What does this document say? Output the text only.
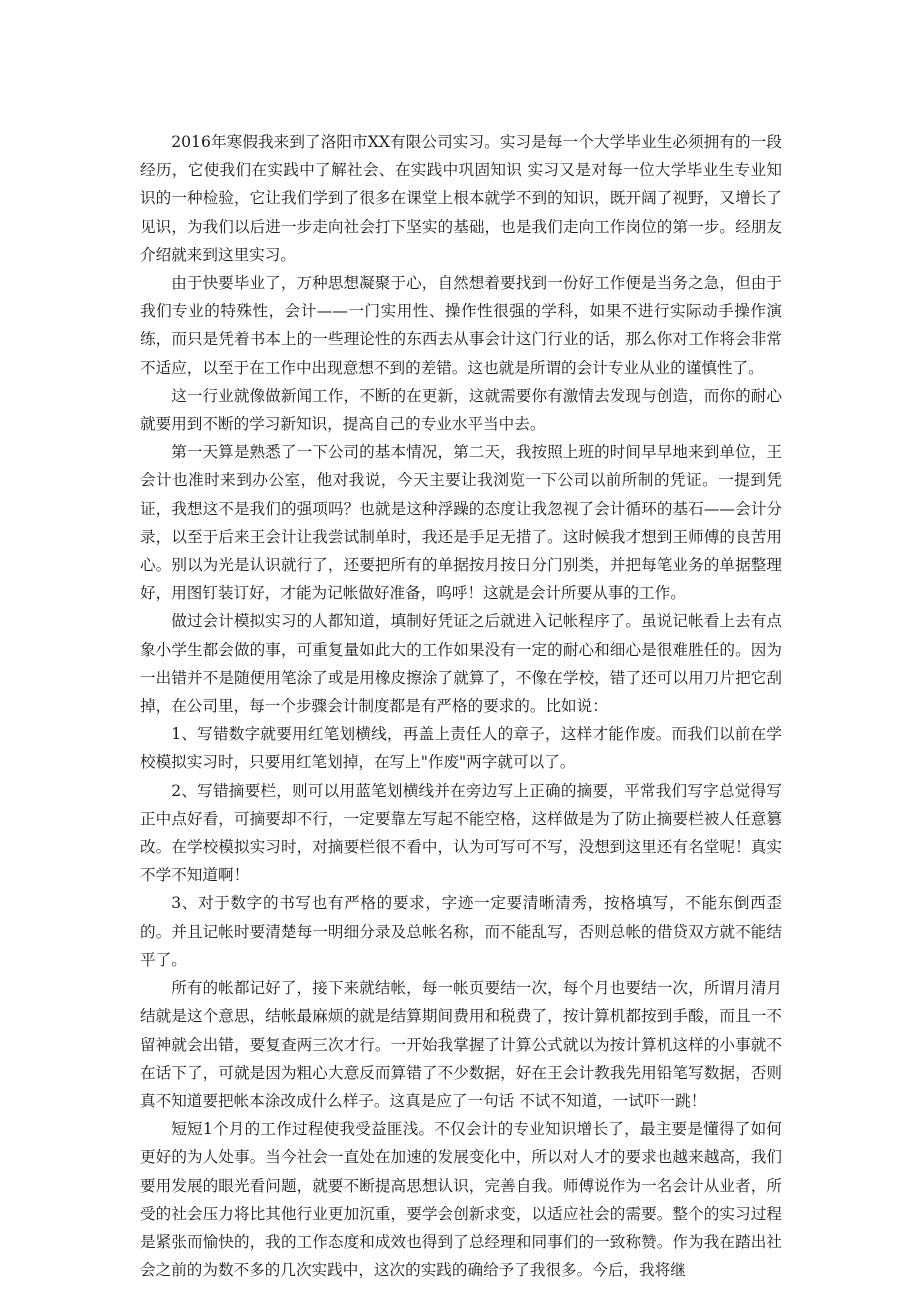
2016年寒假我来到了洛阳市XX有限公司实习。实习是每一个大学毕业生必须拥有的一段经历，它使我们在实践中了解社会、在实践中巩固知识 实习又是对每一位大学毕业生专业知识的一种检验，它让我们学到了很多在课堂上根本就学不到的知识，既开阔了视野，又增长了见识，为我们以后进一步走向社会打下坚实的基础，也是我们走向工作岗位的第一步。经朋友介绍就来到这里实习。

由于快要毕业了，万种思想凝聚于心，自然想着要找到一份好工作便是当务之急，但由于我们专业的特殊性，会计——一门实用性、操作性很强的学科，如果不进行实际动手操作演练，而只是凭着书本上的一些理论性的东西去从事会计这门行业的话，那么你对工作将会非常不适应，以至于在工作中出现意想不到的差错。这也就是所谓的会计专业从业的谨慎性了。

这一行业就像做新闻工作，不断的在更新，这就需要你有激情去发现与创造，而你的耐心就要用到不断的学习新知识，提高自己的专业水平当中去。

第一天算是熟悉了一下公司的基本情况，第二天，我按照上班的时间早早地来到单位，王会计也准时来到办公室，他对我说，今天主要让我浏览一下公司以前所制的凭证。一提到凭证，我想这不是我们的强项吗？也就是这种浮躁的态度让我忽视了会计循环的基石——会计分录，以至于后来王会计让我尝试制单时，我还是手足无措了。这时候我才想到王师傅的良苦用心。别以为光是认识就行了，还要把所有的单据按月按日分门别类，并把每笔业务的单据整理好，用图钉装订好，才能为记帐做好准备，呜呼！这就是会计所要从事的工作。

做过会计模拟实习的人都知道，填制好凭证之后就进入记帐程序了。虽说记帐看上去有点象小学生都会做的事，可重复量如此大的工作如果没有一定的耐心和细心是很难胜任的。因为一出错并不是随便用笔涂了或是用橡皮擦涂了就算了，不像在学校，错了还可以用刀片把它刮掉，在公司里，每一个步骤会计制度都是有严格的要求的。比如说：

1、写错数字就要用红笔划横线，再盖上责任人的章子，这样才能作废。而我们以前在学校模拟实习时，只要用红笔划掉，在写上"作废"两字就可以了。

2、写错摘要栏，则可以用蓝笔划横线并在旁边写上正确的摘要，平常我们写字总觉得写正中点好看，可摘要却不行，一定要靠左写起不能空格，这样做是为了防止摘要栏被人任意篡改。在学校模拟实习时，对摘要栏很不看中，认为可写可不写，没想到这里还有名堂呢！真实不学不知道啊！

3、对于数字的书写也有严格的要求，字迹一定要清晰清秀，按格填写，不能东倒西歪的。并且记帐时要清楚每一明细分录及总帐名称，而不能乱写，否则总帐的借贷双方就不能结平了。

所有的帐都记好了，接下来就结帐，每一帐页要结一次，每个月也要结一次，所谓月清月结就是这个意思，结帐最麻烦的就是结算期间费用和税费了，按计算机都按到手酸，而且一不留神就会出错，要复查两三次才行。一开始我掌握了计算公式就以为按计算机这样的小事就不在话下了，可就是因为粗心大意反而算错了不少数据，好在王会计教我先用铅笔写数据，否则真不知道要把帐本涂改成什么样子。这真是应了一句话 不试不知道，一试吓一跳！

短短1个月的工作过程使我受益匪浅。不仅会计的专业知识增长了，最主要是懂得了如何更好的为人处事。当今社会一直处在加速的发展变化中，所以对人才的要求也越来越高，我们要用发展的眼光看问题，就要不断提高思想认识，完善自我。师傅说作为一名会计从业者，所受的社会压力将比其他行业更加沉重，要学会创新求变，以适应社会的需要。整个的实习过程是紧张而愉快的，我的工作态度和成效也得到了总经理和同事们的一致称赞。作为我在踏出社会之前的为数不多的几次实践中，这次的实践的确给予了我很多。今后，我将继
